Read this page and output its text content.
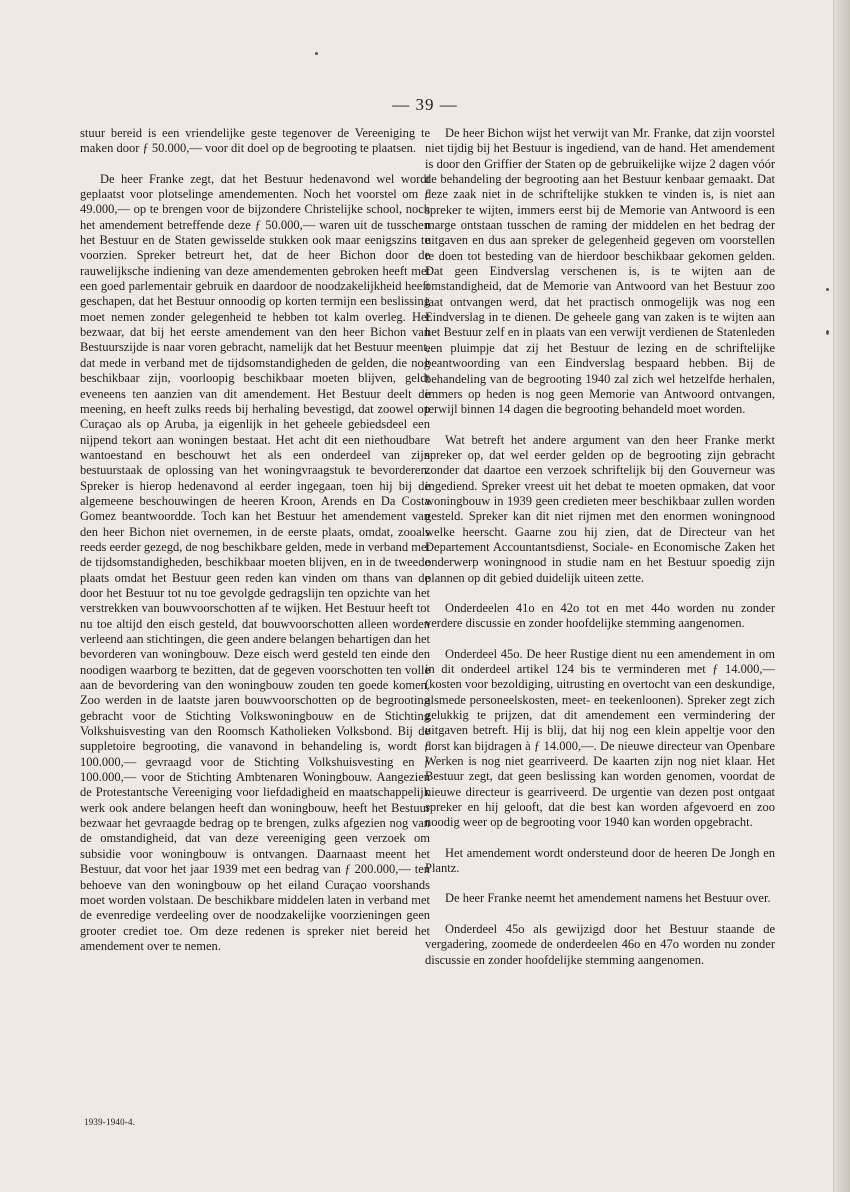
— 39 —

stuur bereid is een vriendelijke geste tegenover de Vereeniging te maken door ƒ 50.000,— voor dit doel op de begrooting te plaatsen.

De heer Franke zegt, dat het Bestuur hedenavond wel wordt geplaatst voor plotselinge amendementen. Noch het voorstel om ƒ 49.000,— op te brengen voor de bijzondere Christelijke school, noch het amendement betreffende deze ƒ 50.000,— waren uit de tusschen het Bestuur en de Staten gewisselde stukken ook maar eenigszins te voorzien. Spreker betreurt het, dat de heer Bichon door de rauwelijksche indiening van deze amendementen gebroken heeft met een goed parlementair gebruik en daardoor de noodzakelijkheid heeft geschapen, dat het Bestuur onnoodig op korten termijn een beslissing moet nemen zonder gelegenheid te hebben tot kalm overleg. Het bezwaar, dat bij het eerste amendement van den heer Bichon van Bestuurszijde is naar voren gebracht, namelijk dat het Bestuur meent, dat mede in verband met de tijdsomstandigheden de gelden, die nog beschikbaar zijn, voorloopig beschikbaar moeten blijven, geldt eveneens ten aanzien van dit amendement. Het Bestuur deelt de meening, en heeft zulks reeds bij herhaling bevestigd, dat zoowel op Curaçao als op Aruba, ja eigenlijk in het geheele gebiedsdeel een nijpend tekort aan woningen bestaat. Het acht dit een niethoudbare wantoestand en beschouwt het als een onderdeel van zijn bestuurstaak de oplossing van het woningvraagstuk te bevorderen. Spreker is hierop hedenavond al eerder ingegaan, toen hij bij de algemeene beschouwingen de heeren Kroon, Arends en Da Costa Gomez beantwoordde. Toch kan het Bestuur het amendement van den heer Bichon niet overnemen, in de eerste plaats, omdat, zooals reeds eerder gezegd, de nog beschikbare gelden, mede in verband met de tijdsomstandigheden, beschikbaar moeten blijven, en in de tweede plaats omdat het Bestuur geen reden kan vinden om thans van de door het Bestuur tot nu toe gevolgde gedragslijn ten opzichte van het verstrekken van bouwvoorschotten af te wijken. Het Bestuur heeft tot nu toe altijd den eisch gesteld, dat bouwvoorschotten alleen worden verleend aan stichtingen, die geen andere belangen behartigen dan het bevorderen van woningbouw. Deze eisch werd gesteld ten einde den noodigen waarborg te bezitten, dat de gegeven voorschotten ten volle aan de bevordering van den woningbouw zouden ten goede komen. Zoo werden in de laatste jaren bouwvoorschotten op de begrooting gebracht voor de Stichting Volkswoningbouw en de Stichting Volkshuisvesting van den Roomsch Katholieken Volksbond. Bij de suppletoire begrooting, die vanavond in behandeling is, wordt ƒ 100.000,— gevraagd voor de Stichting Volkshuisvesting en ƒ 100.000,— voor de Stichting Ambtenaren Woningbouw. Aangezien de Protestantsche Vereeniging voor liefdadigheid en maatschappelijk werk ook andere belangen heeft dan woningbouw, heeft het Bestuur bezwaar het gevraagde bedrag op te brengen, zulks afgezien nog van de omstandigheid, dat van deze vereeniging geen verzoek om subsidie voor woningbouw is ontvangen. Daarnaast meent het Bestuur, dat voor het jaar 1939 met een bedrag van ƒ 200.000,— ten behoeve van den woningbouw op het eiland Curaçao voorshands moet worden volstaan. De beschikbare middelen laten in verband met de evenredige verdeeling over de noodzakelijke voorzieningen geen grooter crediet toe. Om deze redenen is spreker niet bereid het amendement over te nemen.

De heer Bichon wijst het verwijt van Mr. Franke, dat zijn voorstel niet tijdig bij het Bestuur is ingediend, van de hand. Het amendement is door den Griffier der Staten op de gebruikelijke wijze 2 dagen vóór de behandeling der begrooting aan het Bestuur kenbaar gemaakt. Dat deze zaak niet in de schriftelijke stukken te vinden is, is niet aan spreker te wijten, immers eerst bij de Memorie van Antwoord is een marge ontstaan tusschen de raming der middelen en het bedrag der uitgaven en dus aan spreker de gelegenheid gegeven om voorstellen te doen tot besteding van de hierdoor beschikbaar gekomen gelden. Dat geen Eindverslag verschenen is, is te wijten aan de omstandigheid, dat de Memorie van Antwoord van het Bestuur zoo laat ontvangen werd, dat het practisch onmogelijk was nog een Eindverslag in te dienen. De geheele gang van zaken is te wijten aan het Bestuur zelf en in plaats van een verwijt verdienen de Statenleden een pluimpje dat zij het Bestuur de lezing en de schriftelijke beantwoording van een Eindverslag bespaard hebben. Bij de behandeling van de begrooting 1940 zal zich wel hetzelfde herhalen, immers op heden is nog geen Memorie van Antwoord ontvangen, terwijl binnen 14 dagen die begrooting behandeld moet worden.

Wat betreft het andere argument van den heer Franke merkt spreker op, dat wel eerder gelden op de begrooting zijn gebracht zonder dat daartoe een verzoek schriftelijk bij den Gouverneur was ingediend. Spreker vreest uit het debat te moeten opmaken, dat voor woningbouw in 1939 geen credieten meer beschikbaar zullen worden gesteld. Spreker kan dit niet rijmen met den enormen woningnood welke heerscht. Gaarne zou hij zien, dat de Directeur van het Departement Accountantsdienst, Sociale- en Economische Zaken het onderwerp woningnood in studie nam en het Bestuur spoedig zijn plannen op dit gebied duidelijk uiteen zette.

Onderdeelen 41o en 42o tot en met 44o worden nu zonder verdere discussie en zonder hoofdelijke stemming aangenomen.

Onderdeel 45o. De heer Rustige dient nu een amendement in om in dit onderdeel artikel 124 bis te verminderen met ƒ 14.000,— (kosten voor bezoldiging, uitrusting en overtocht van een deskundige, alsmede personeelskosten, meet- en teekenloonen). Spreker zegt zich gelukkig te prijzen, dat dit amendement een vermindering der uitgaven betreft. Hij is blij, dat hij nog een klein appeltje voor den dorst kan bijdragen à ƒ 14.000,—. De nieuwe directeur van Openbare Werken is nog niet gearriveerd. De kaarten zijn nog niet klaar. Het Bestuur zegt, dat geen beslissing kan worden genomen, voordat de nieuwe directeur is gearriveerd. De urgentie van dezen post ontgaat spreker en hij gelooft, dat die best kan worden afgevoerd en zoo noodig weer op de begrooting voor 1940 kan worden opgebracht.

Het amendement wordt ondersteund door de heeren De Jongh en Plantz.

De heer Franke neemt het amendement namens het Bestuur over.

Onderdeel 45o als gewijzigd door het Bestuur staande de vergadering, zoomede de onderdeelen 46o en 47o worden nu zonder discussie en zonder hoofdelijke stemming aangenomen.

1939-1940-4.
